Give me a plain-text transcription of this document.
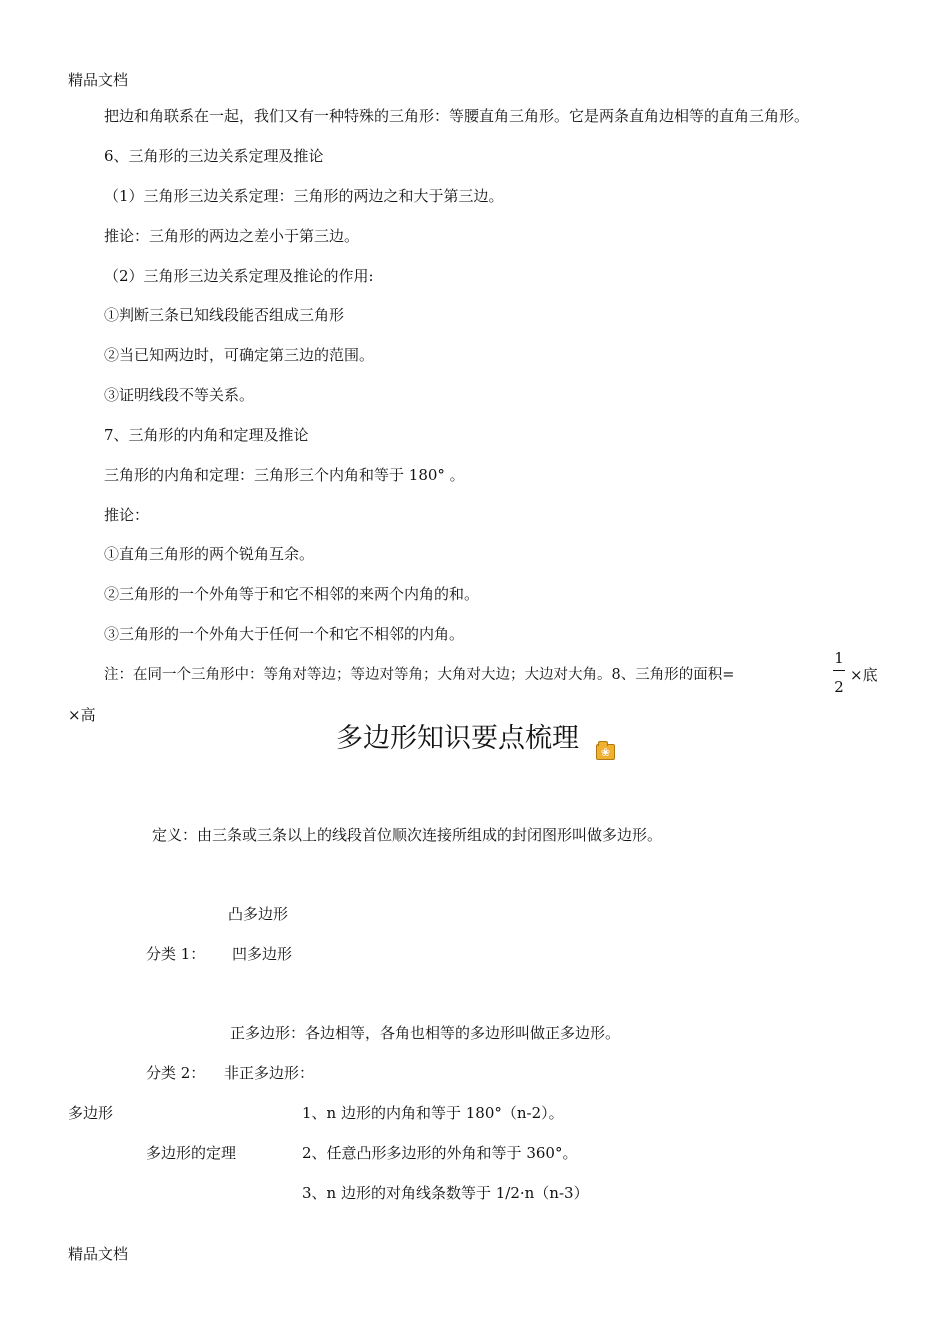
精品文档
把边和角联系在一起，我们又有一种特殊的三角形：等腰直角三角形。它是两条直角边相等的直角三角形。
6、三角形的三边关系定理及推论
（1）三角形三边关系定理：三角形的两边之和大于第三边。
推论：三角形的两边之差小于第三边。
（2）三角形三边关系定理及推论的作用:
①判断三条已知线段能否组成三角形
②当已知两边时，可确定第三边的范围。
③证明线段不等关系。
7、三角形的内角和定理及推论
三角形的内角和定理：三角形三个内角和等于 180° 。
推论：
①直角三角形的两个锐角互余。
②三角形的一个外角等于和它不相邻的来两个内角的和。
③三角形的一个外角大于任何一个和它不相邻的内角。
注：在同一个三角形中：等角对等边；等边对等角；大角对大边；大边对大角。8、三角形的面积=
1
2
×底
×高
多边形知识要点梳理	❀
定义：由三条或三条以上的线段首位顺次连接所组成的封闭图形叫做多边形。
凸多边形
分类 1： 凹多边形
正多边形：各边相等，各角也相等的多边形叫做正多边形。
分类 2： 非正多边形：
多边形	1、n 边形的内角和等于 180°（n-2）。
多边形的定理	2、任意凸形多边形的外角和等于 360°。
3、n 边形的对角线条数等于 1/2·n（n-3）
精品文档
